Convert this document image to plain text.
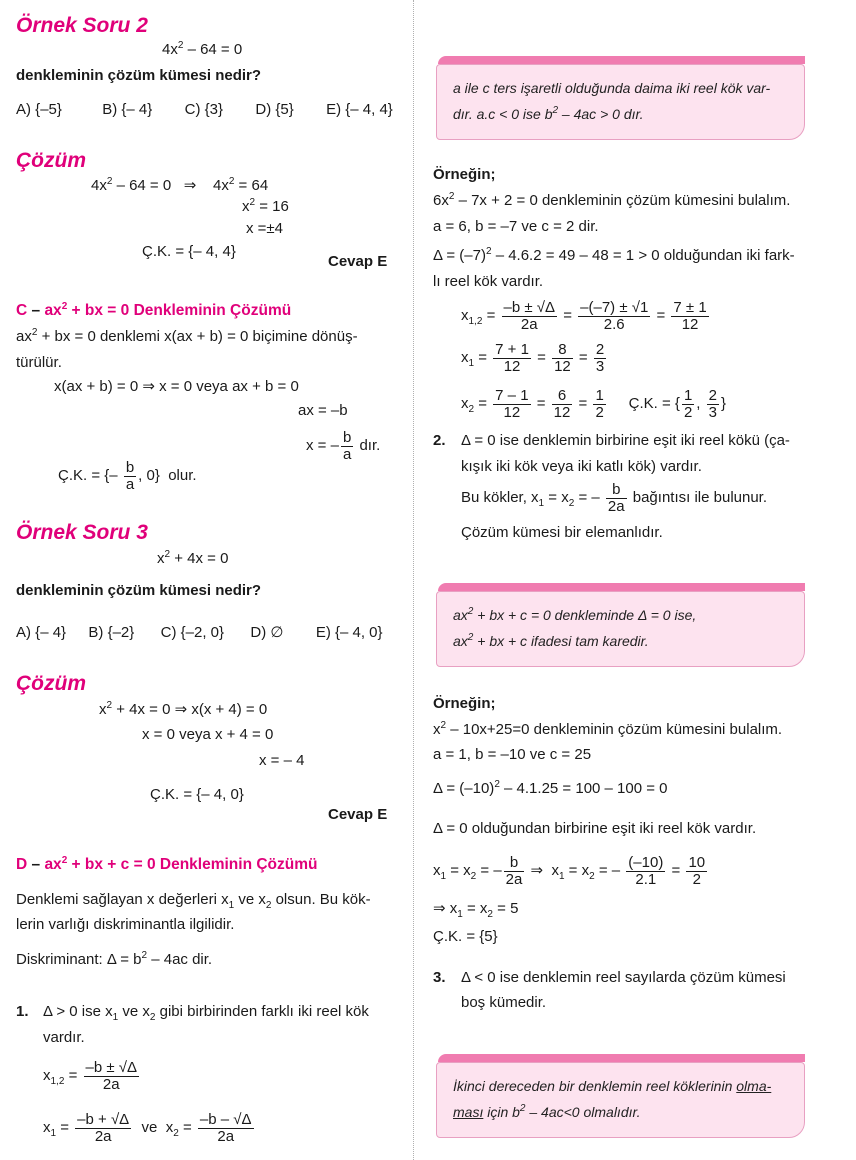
Örnek Soru 2
$4x^2 - 64 = 0$
denkleminin çözüm kümesi nedir?
A) {–5}	B) {– 4} C) {3} D) {5} E) {– 4, 4}
Çözüm
$4x^2 - 64 = 0$ ⇒ $4x^2 = 64$
$x^2 = 16$
x =±4
Ç.K. = {– 4, 4}
Cevap E
C – $ax^2$ + bx = 0 Denkleminin Çözümü
$ax^2$ + bx = 0 denklemi x(ax + b) = 0 biçimine dönüş-
türülür.
x(ax + b) = 0 ⇒ x = 0 veya ax + b = 0
ax = –b
x = – $\frac{b}{a}$ dır.
Ç.K. = {– $\frac{b}{a}$ , 0}  olur.
Örnek Soru 3
$x^2 + 4x = 0$
denkleminin çözüm kümesi nedir?
A) {– 4} B) {–2} C) {–2, 0} D) ∅ E) {– 4, 0}
Çözüm
$x^2 + 4x = 0$ ⇒ x(x + 4) = 0
x = 0 veya x + 4 = 0
x = – 4
Ç.K. = {– 4, 0}
Cevap E
D – $ax^2$ + bx + c = 0 Denkleminin Çözümü
Denklemi sağlayan x değerleri $x_1$ ve $x_2$ olsun. Bu kök-
lerin varlığı diskriminantla ilgilidir.
Diskriminant: $\Delta = b^2 - 4ac$ dir.
1. Δ > 0 ise $x_1$ ve $x_2$ gibi birbirinden farklı iki reel kök
vardır.
$x_{1,2} = \frac{-b \pm √\Delta}{2a}$
$x_1 = \frac{-b + √\Delta}{2a}$ ve $x_2 = \frac{-b - √\Delta}{2a}$
a ile c ters işaretli olduğunda daima iki reel kök var-
dır. a.c < 0 ise $b^2 - 4ac > 0$ dır.
Örneğin;
$6x^2 - 7x + 2 = 0$ denkleminin çözüm kümesini bulalım.
a = 6, b = –7 ve c = 2 dir.
$\Delta = (-7)^2 - 4.6.2 = 49 - 48 = 1 > 0$ olduğundan iki fark-
lı reel kök vardır.
$x_{1,2} = \frac{-b \pm √\Delta}{2a} = \frac{-(-7) \pm √1}{2.6} = \frac{7 \pm 1}{12}$
$x_1 = \frac{7 + 1}{12} = \frac{8}{12} = \frac{2}{3}$
$x_2 = \frac{7 - 1}{12} = \frac{6}{12} = \frac{1}{2}$ Ç.K. = { $\frac{1}{2}$ , $\frac{2}{3}$ }
2. Δ = 0 ise denklemin birbirine eşit iki reel kökü (ça-
kışık iki kök veya iki katlı kök) vardır.
Bu kökler, $x_1 = x_2$ = – $\frac{b}{2a}$ bağıntısı ile bulunur.
Çözüm kümesi bir elemanlıdır.
$ax^2$ + bx + c = 0 denkleminde Δ = 0 ise,
$ax^2$ + bx + c ifadesi tam karedir.
Örneğin;
$x^2 - 10x+25=0$ denkleminin çözüm kümesini bulalım.
a = 1, b = –10 ve c = 25
$\Delta = (-10)^2 - 4.1.25 = 100 - 100 = 0$
Δ = 0 olduğundan birbirine eşit iki reel kök vardır.
$x_1 = x_2$ = – $\frac{b}{2a}$ ⇒ $x_1 = x_2$ = – $\frac{(-10)}{2.1} = \frac{10}{2}$
⇒ $x_1 = x_2 = 5$
Ç.K. = {5}
3. Δ < 0 ise denklemin reel sayılarda çözüm kümesi
boş kümedir.
İkinci dereceden bir denklemin reel köklerinin olma-
ması için $b^2 - 4ac<0$ olmalıdır.
